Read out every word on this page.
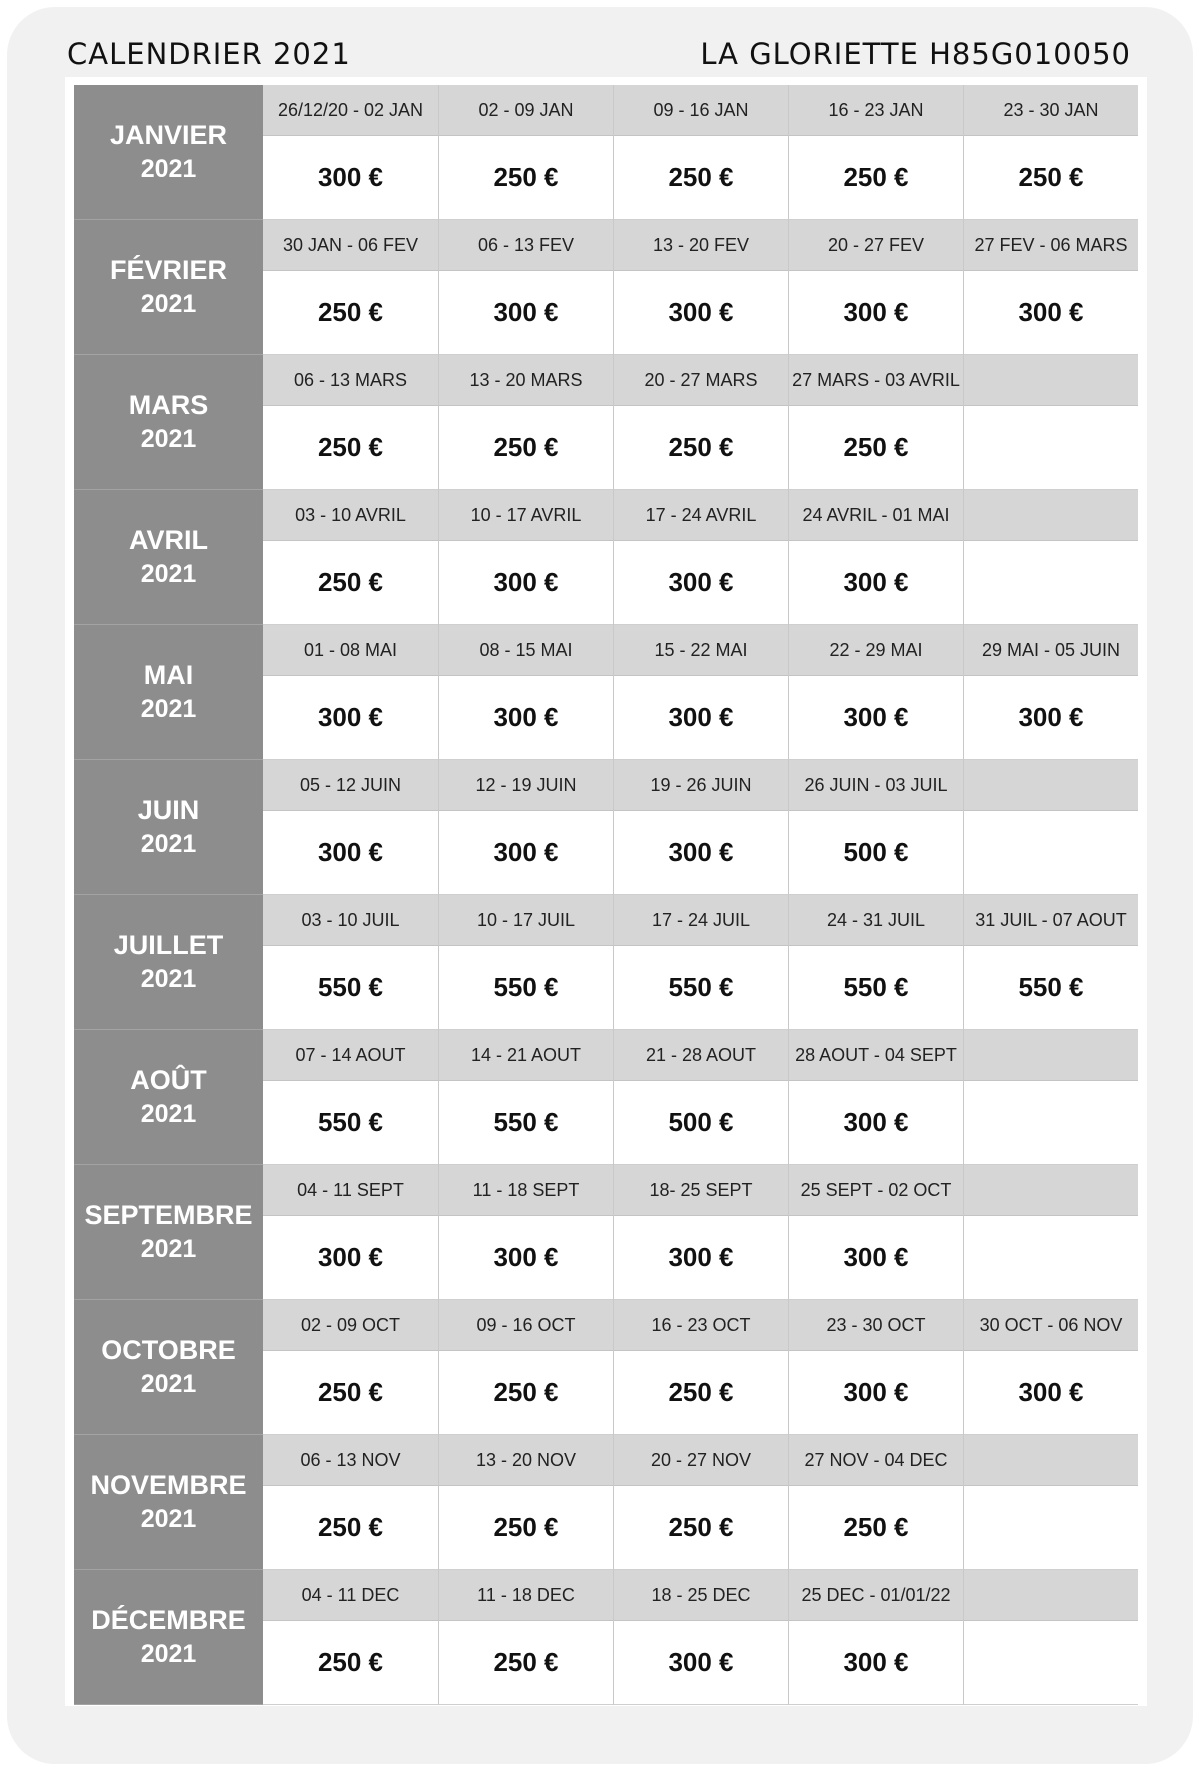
CALENDRIER 2021	LA GLORIETTE H85G010050
JANVIER
2021
26/12/20 - 02 JAN
300 €
02 - 09 JAN
250 €
09 - 16 JAN
250 €
16 - 23 JAN
250 €
23 - 30 JAN
250 €
FÉVRIER
2021
30 JAN - 06 FEV
250 €
06 - 13 FEV
300 €
13 - 20 FEV
300 €
20 - 27 FEV
300 €
27 FEV - 06 MARS
300 €
MARS
2021
06 - 13 MARS
250 €
13 - 20 MARS
250 €
20 - 27 MARS
250 €
27 MARS - 03 AVRIL
250 €
AVRIL
2021
03 - 10 AVRIL
250 €
10 - 17 AVRIL
300 €
17 - 24 AVRIL
300 €
24 AVRIL - 01 MAI
300 €
MAI
2021
01 - 08 MAI
300 €
08 - 15 MAI
300 €
15 - 22 MAI
300 €
22 - 29 MAI
300 €
29 MAI - 05 JUIN
300 €
JUIN
2021
05 - 12 JUIN
300 €
12 - 19 JUIN
300 €
19 - 26 JUIN
300 €
26 JUIN - 03 JUIL
500 €
JUILLET
2021
03 - 10 JUIL
550 €
10 - 17 JUIL
550 €
17 - 24 JUIL
550 €
24 - 31 JUIL
550 €
31 JUIL - 07 AOUT
550 €
AOÛT
2021
07 - 14 AOUT
550 €
14 - 21 AOUT
550 €
21 - 28 AOUT
500 €
28 AOUT - 04 SEPT
300 €
SEPTEMBRE
2021
04 - 11 SEPT
300 €
11 - 18 SEPT
300 €
18- 25 SEPT
300 €
25 SEPT - 02 OCT
300 €
OCTOBRE
2021
02 - 09 OCT
250 €
09 - 16 OCT
250 €
16 - 23 OCT
250 €
23 - 30 OCT
300 €
30 OCT - 06 NOV
300 €
NOVEMBRE
2021
06 - 13 NOV
250 €
13 - 20 NOV
250 €
20 - 27 NOV
250 €
27 NOV - 04 DEC
250 €
DÉCEMBRE
2021
04 - 11 DEC
250 €
11 - 18 DEC
250 €
18 - 25 DEC
300 €
25 DEC - 01/01/22
300 €
